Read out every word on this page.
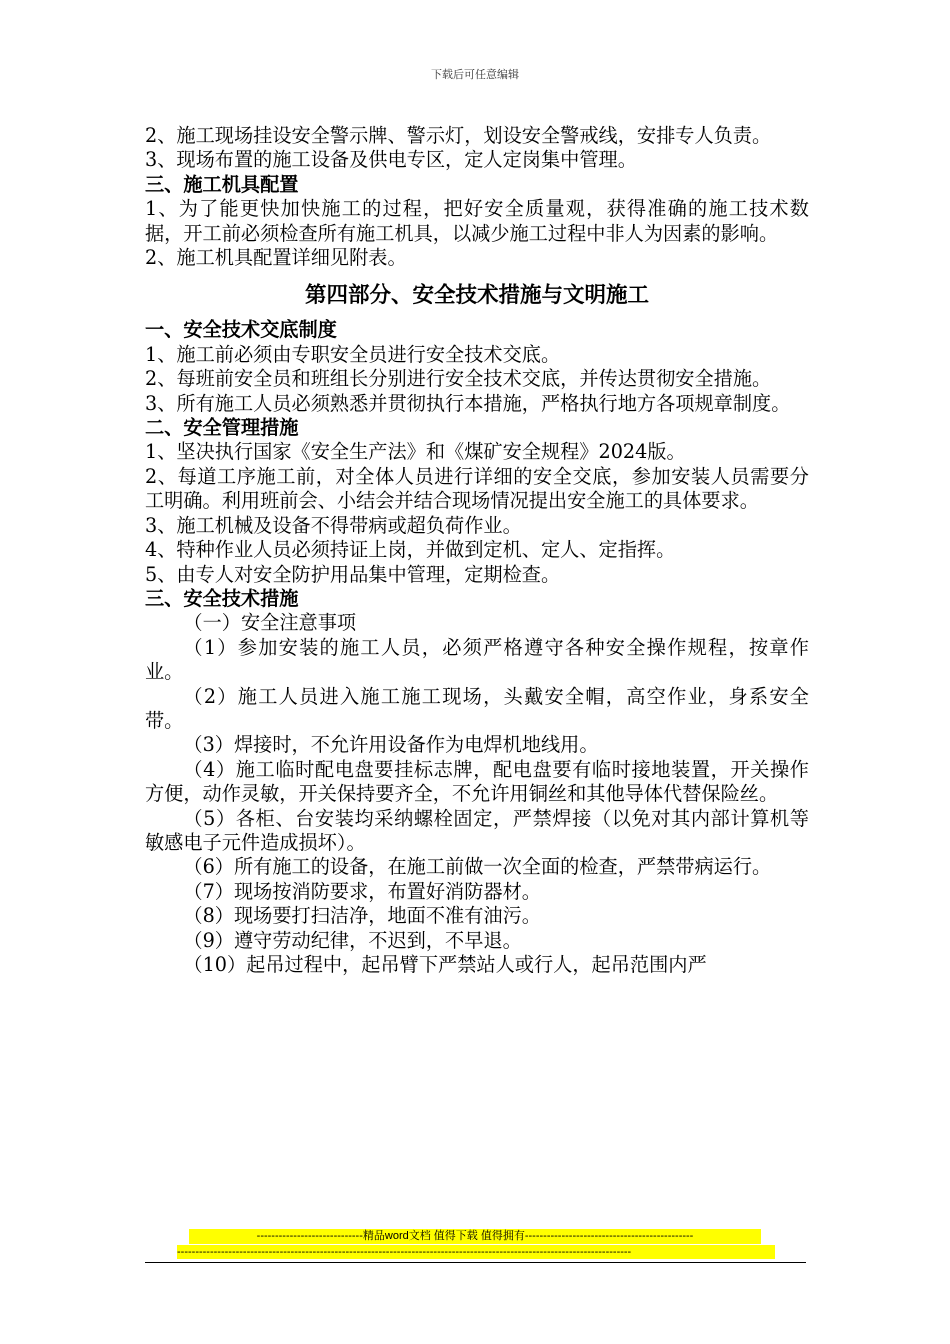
下载后可任意编辑

2、施工现场挂设安全警示牌、警示灯，划设安全警戒线，安排专人负责。

3、现场布置的施工设备及供电专区，定人定岗集中管理。

三、施工机具配置

1、为了能更快加快施工的过程，把好安全质量观，获得准确的施工技术数据，开工前必须检查所有施工机具，以减少施工过程中非人为因素的影响。

2、施工机具配置详细见附表。

第四部分、安全技术措施与文明施工

一、安全技术交底制度

1、施工前必须由专职安全员进行安全技术交底。

2、每班前安全员和班组长分别进行安全技术交底，并传达贯彻安全措施。

3、所有施工人员必须熟悉并贯彻执行本措施，严格执行地方各项规章制度。

二、安全管理措施

1、坚决执行国家《安全生产法》和《煤矿安全规程》2024版。

2、每道工序施工前，对全体人员进行详细的安全交底，参加安装人员需要分工明确。利用班前会、小结会并结合现场情况提出安全施工的具体要求。

3、施工机械及设备不得带病或超负荷作业。

4、特种作业人员必须持证上岗，并做到定机、定人、定指挥。

5、由专人对安全防护用品集中管理，定期检查。

三、安全技术措施

（一）安全注意事项

（1）参加安装的施工人员，必须严格遵守各种安全操作规程，按章作业。

（2）施工人员进入施工施工现场，头戴安全帽，高空作业，身系安全带。

（3）焊接时，不允许用设备作为电焊机地线用。

（4）施工临时配电盘要挂标志牌，配电盘要有临时接地装置，开关操作方便，动作灵敏，开关保持要齐全，不允许用铜丝和其他导体代替保险丝。

（5）各柜、台安装均采纳螺栓固定，严禁焊接（以免对其内部计算机等敏感电子元件造成损坏）。

（6）所有施工的设备，在施工前做一次全面的检查，严禁带病运行。

（7）现场按消防要求，布置好消防器材。

（8）现场要打扫洁净，地面不准有油污。

（9）遵守劳动纪律，不迟到，不早退。

（10）起吊过程中，起吊臂下严禁站人或行人，起吊范围内严

-----------------------------精品word文档 值得下载 值得拥有----------------------------------------------
----------------------------------------------------------------------------------------------------------------------------
